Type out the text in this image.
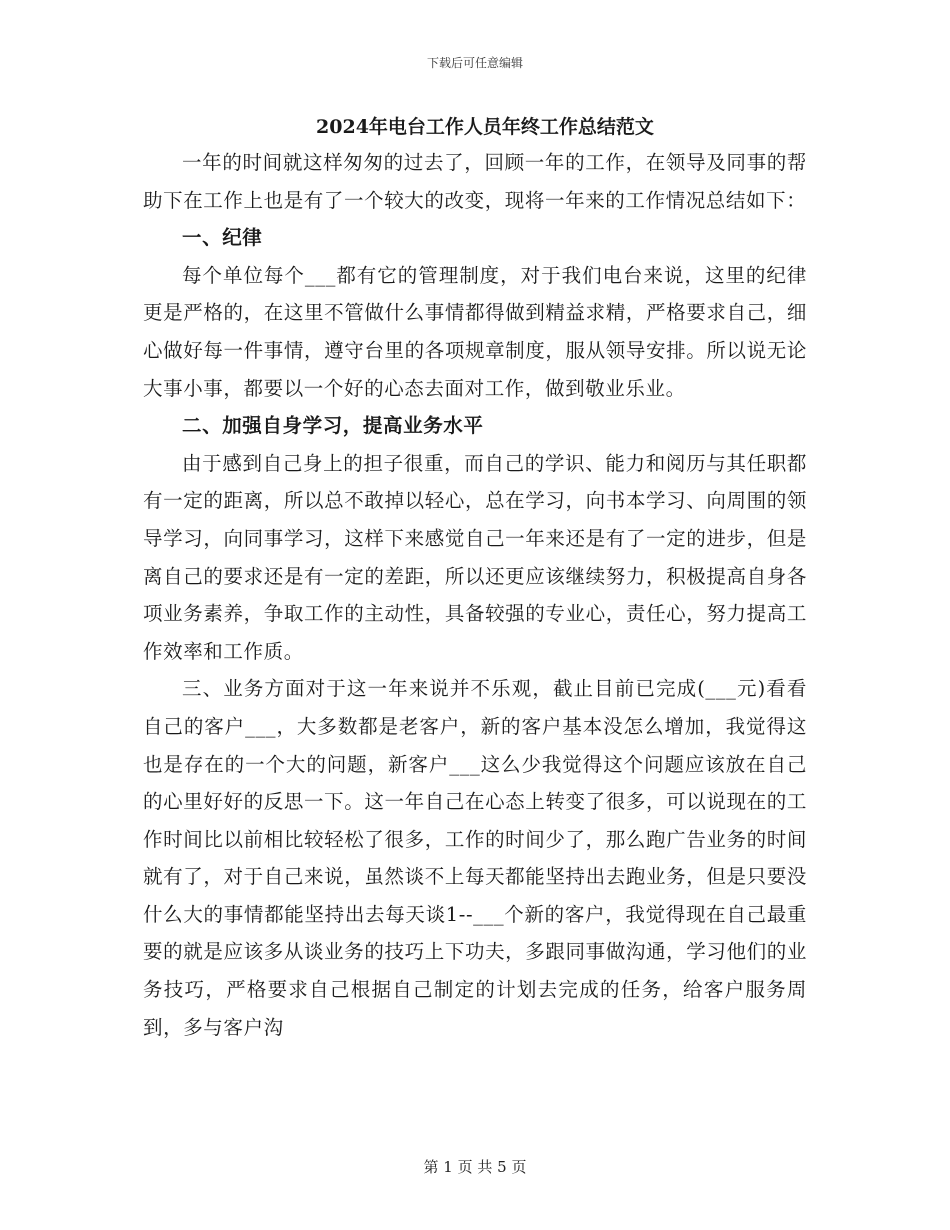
下载后可任意编辑
2024年电台工作人员年终工作总结范文

一年的时间就这样匆匆的过去了，回顾一年的工作，在领导及同事的帮助下在工作上也是有了一个较大的改变，现将一年来的工作情况总结如下：

一、纪律

每个单位每个___都有它的管理制度，对于我们电台来说，这里的纪律更是严格的，在这里不管做什么事情都得做到精益求精，严格要求自己，细心做好每一件事情，遵守台里的各项规章制度，服从领导安排。所以说无论大事小事，都要以一个好的心态去面对工作，做到敬业乐业。

二、加强自身学习，提高业务水平

由于感到自己身上的担子很重，而自己的学识、能力和阅历与其任职都有一定的距离，所以总不敢掉以轻心，总在学习，向书本学习、向周围的领导学习，向同事学习，这样下来感觉自己一年来还是有了一定的进步，但是离自己的要求还是有一定的差距，所以还更应该继续努力，积极提高自身各项业务素养，争取工作的主动性，具备较强的专业心，责任心，努力提高工作效率和工作质。

三、业务方面对于这一年来说并不乐观，截止目前已完成(___元)看看自己的客户___，大多数都是老客户，新的客户基本没怎么增加，我觉得这也是存在的一个大的问题，新客户___这么少我觉得这个问题应该放在自己的心里好好的反思一下。这一年自己在心态上转变了很多，可以说现在的工作时间比以前相比较轻松了很多，工作的时间少了，那么跑广告业务的时间就有了，对于自己来说，虽然谈不上每天都能坚持出去跑业务，但是只要没什么大的事情都能坚持出去每天谈1--___个新的客户，我觉得现在自己最重要的就是应该多从谈业务的技巧上下功夫，多跟同事做沟通，学习他们的业务技巧，严格要求自己根据自己制定的计划去完成的任务，给客户服务周到，多与客户沟

第 1 页 共 5 页
